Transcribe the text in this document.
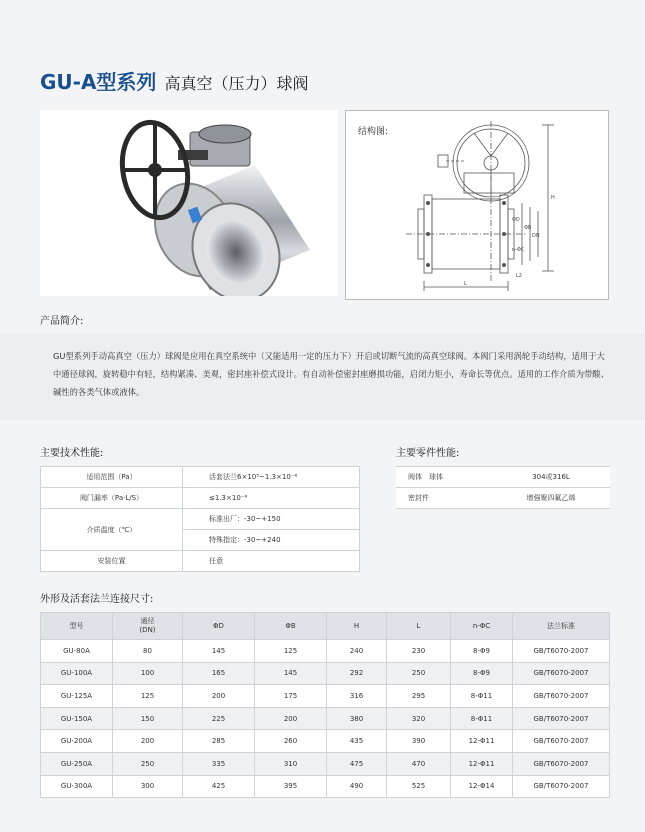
GU-A型系列 高真空（压力）球阀
结构图:
H
L
L2
ΦD
ΦB
DN
n-ΦC
产品简介:
GU型系列手动高真空（压力）球阀是应用在真空系统中（又能适用一定的压力下）开启或切断气流的高真空球阀。本阀门采用涡轮手动结构，适用于大中通径球阀，旋转稳中有轻，结构紧凑、美观，密封座补偿式设计。有自动补偿密封座磨损功能，启闭力矩小，寿命长等优点。适用的工作介质为带酸、碱性的各类气体或液体。
主要技术性能:
适用范围（Pa）	活套法兰6×10⁵~1.3×10⁻⁶
阀门漏率（Pa·L/S）	≤1.3×10⁻⁶
介质温度（℃）	标准出厂：-30~+150
	特殊指定：-30~+240
安装位置	任意
主要零件性能:
阀体　球体	304或316L
密封件	增强聚四氟乙烯
外形及活套法兰连接尺寸:
型号	通径
(DN)	ΦD	ΦB	H	L	n-ΦC	法兰标准
GU-80A	80	145	125	240	230	8-Φ9	GB/T6070-2007
GU-100A	100	165	145	292	250	8-Φ9	GB/T6070-2007
GU-125A	125	200	175	316	295	8-Φ11	GB/T6070-2007
GU-150A	150	225	200	380	320	8-Φ11	GB/T6070-2007
GU-200A	200	285	260	435	390	12-Φ11	GB/T6070-2007
GU-250A	250	335	310	475	470	12-Φ11	GB/T6070-2007
GU-300A	300	425	395	490	525	12-Φ14	GB/T6070-2007
